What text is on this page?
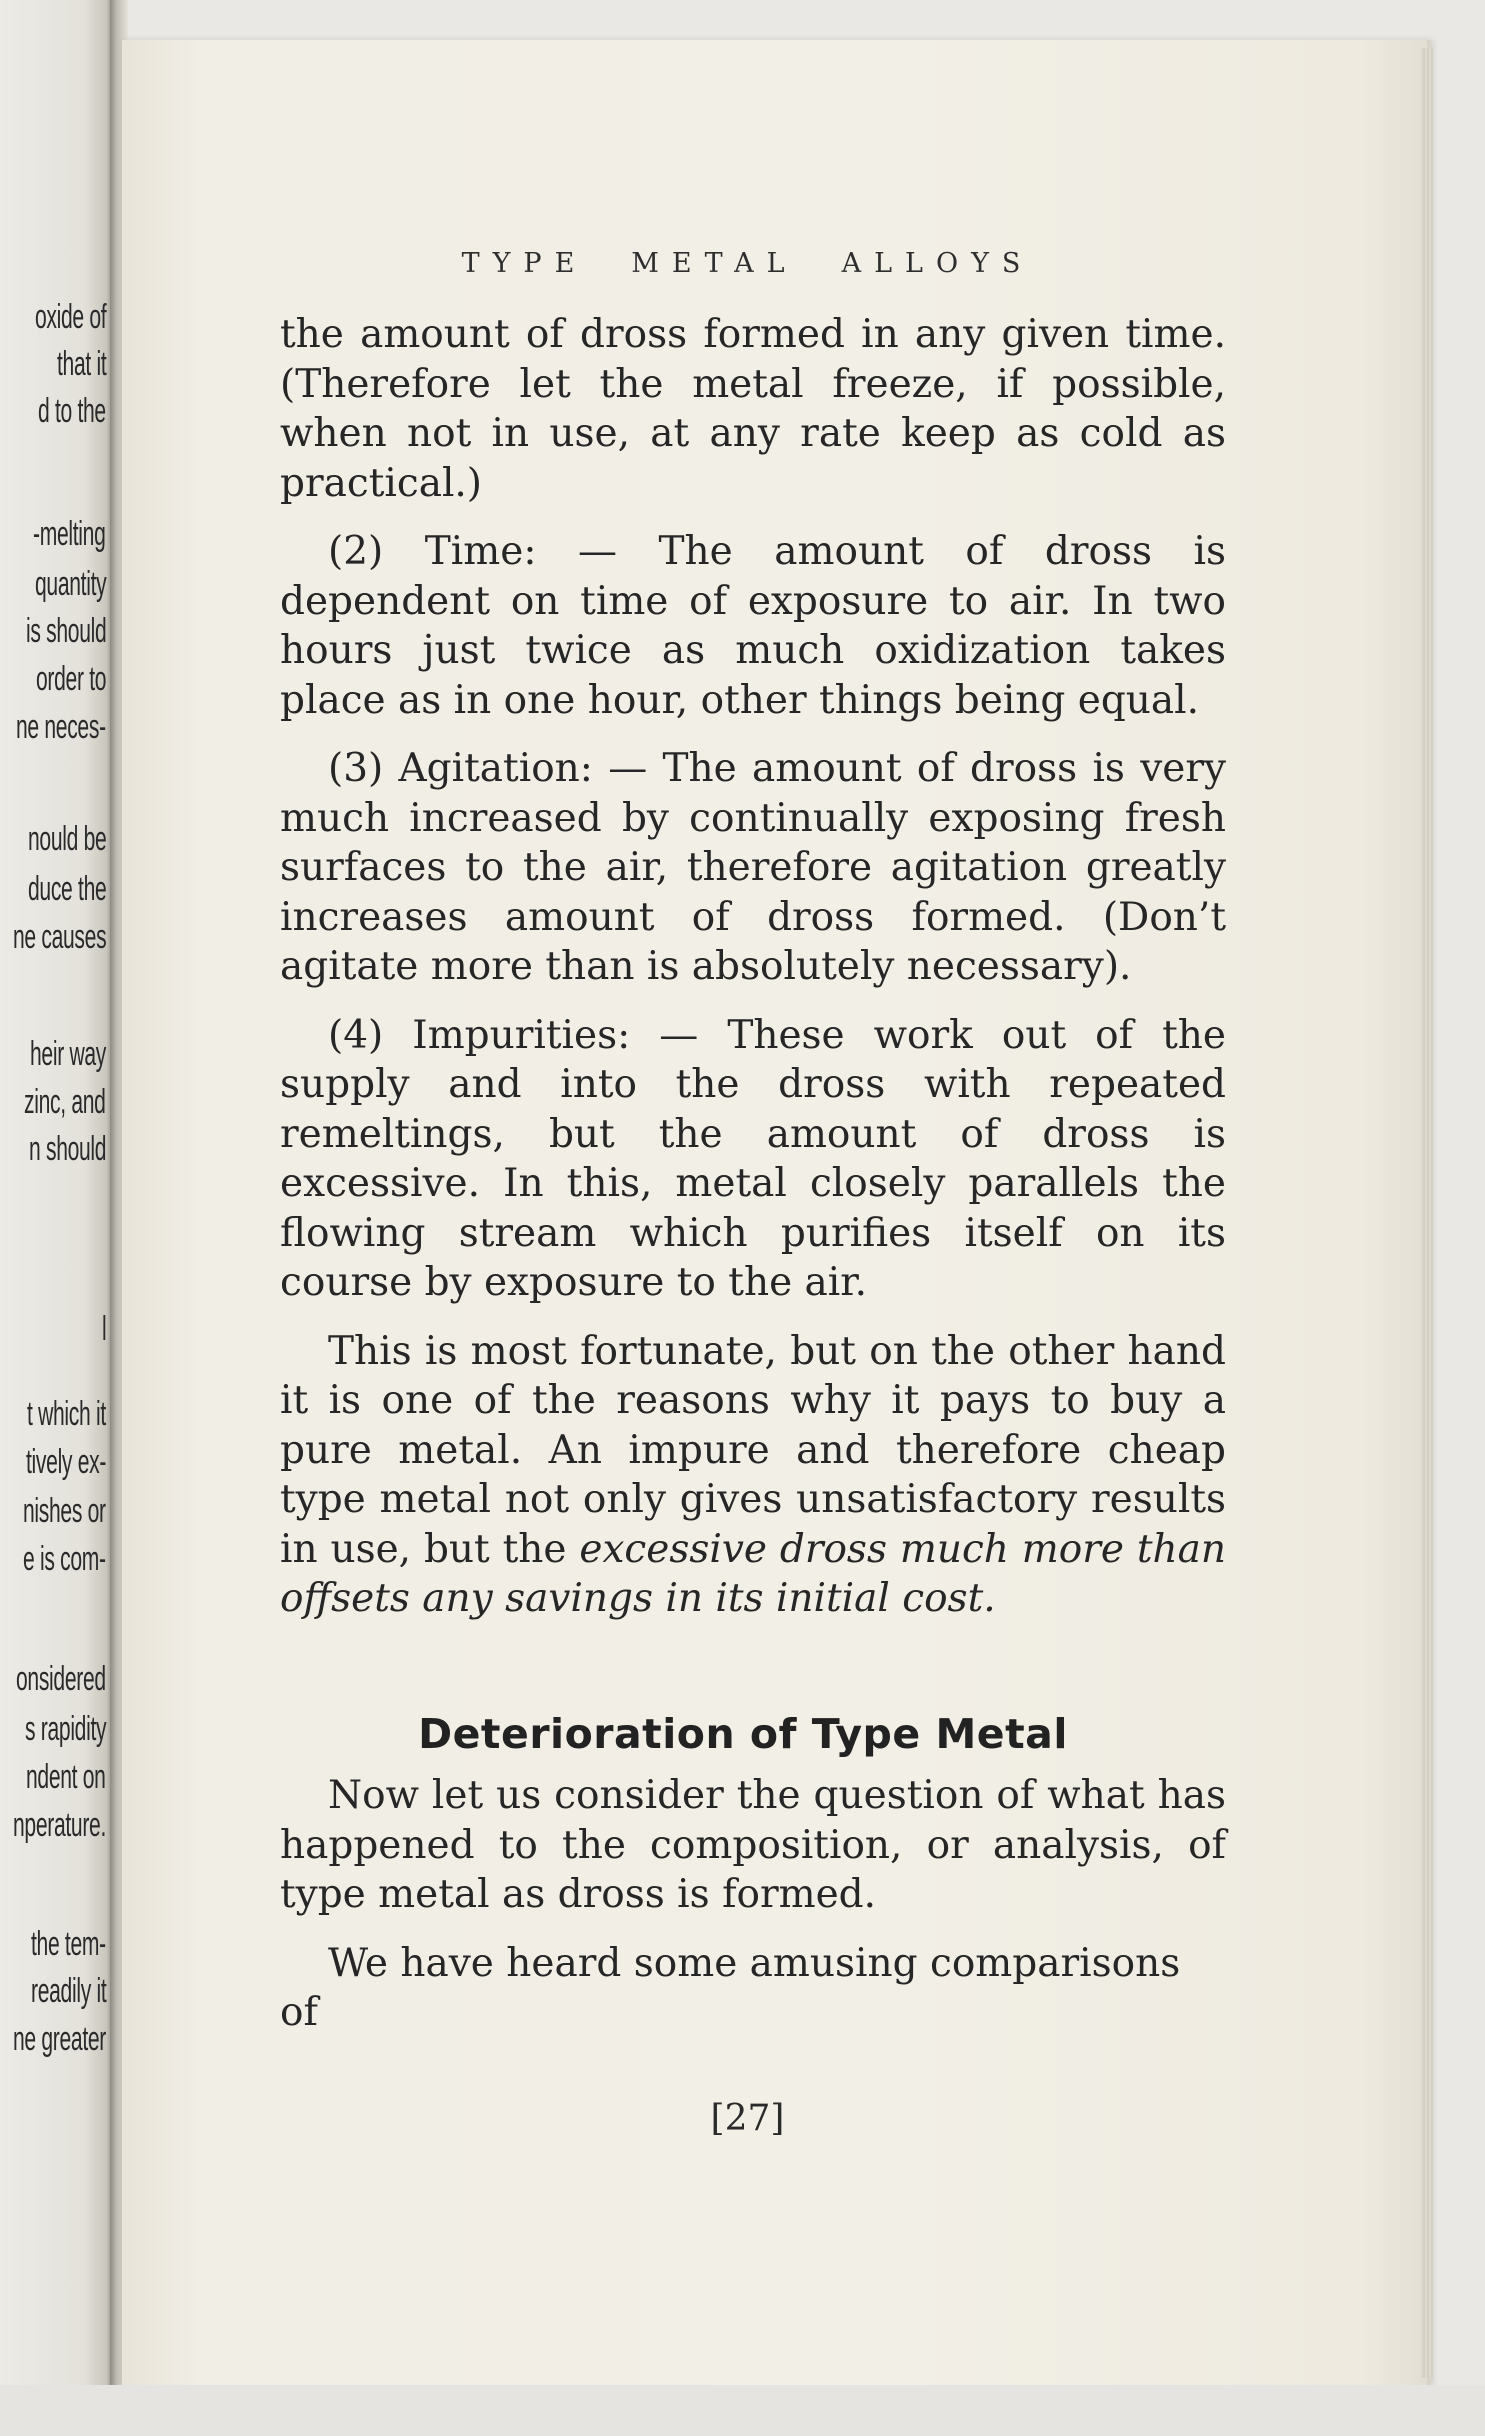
oxide of
that it
d to the
-melting
quantity
is should
order to
ne neces-
nould be
duce the
ne causes
heir way
zinc, and
n should
l
t which it
tively ex-
nishes or
e is com-
onsidered
s rapidity
ndent on
nperature.
the tem-
readily it
ne greater
TYPE METAL ALLOYS

the amount of dross formed in any given time. (Therefore let the metal freeze, if possible, when not in use, at any rate keep as cold as practical.)

(2) Time: — The amount of dross is dependent on time of exposure to air. In two hours just twice as much oxidization takes place as in one hour, other things being equal.

(3) Agitation: — The amount of dross is very much increased by continually exposing fresh surfaces to the air, therefore agitation greatly increases amount of dross formed. (Don’t agitate more than is absolutely necessary).

(4) Impurities: — These work out of the supply and into the dross with repeated remeltings, but the amount of dross is excessive. In this, metal closely parallels the flowing stream which purifies itself on its course by exposure to the air.

This is most fortunate, but on the other hand it is one of the reasons why it pays to buy a pure metal. An impure and therefore cheap type metal not only gives unsatisfactory results in use, but the excessive dross much more than offsets any savings in its initial cost.

Deterioration of Type Metal

Now let us consider the question of what has happened to the composition, or analysis, of type metal as dross is formed.

We have heard some amusing comparisons of

[27]
